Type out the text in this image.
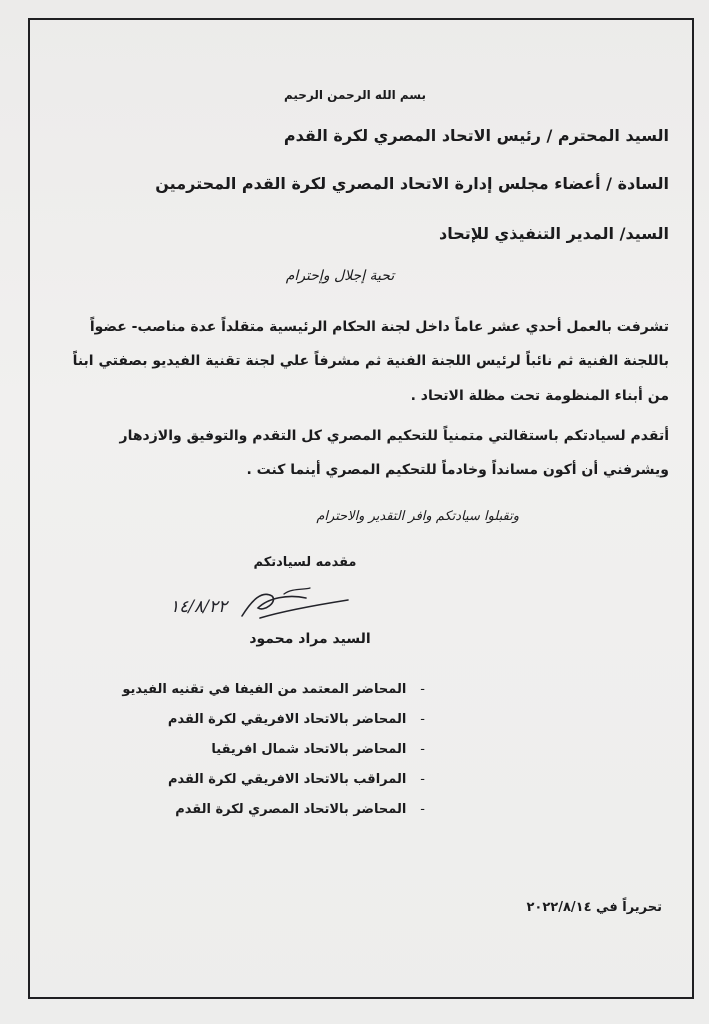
بسم الله الرحمن الرحيم
السيد المحترم / رئيس الاتحاد المصري لكرة القدم
السادة / أعضاء مجلس إدارة الاتحاد المصري لكرة القدم المحترمين
السيد/ المدير التنفيذي للإتحاد
تحية إجلال وإحترام
تشرفت بالعمل أحدي عشر عاماً داخل لجنة الحكام الرئيسية متقلداً عدة مناصب- عضواً
باللجنة الفنية ثم نائباً لرئيس اللجنة الفنية ثم مشرفاً علي لجنة تقنية الفيديو بصفتي ابناً
من أبناء المنظومة تحت مظلة الاتحاد .
أتقدم لسيادتكم باستقالتي متمنياً للتحكيم المصري كل التقدم والتوفيق والازدهار
ويشرفني أن أكون مسانداً وخادماً للتحكيم المصري أينما كنت .
وتقبلوا سيادتكم وافر التقدير والاحترام
مقدمه لسيادتكم
١٤/٨/٢٢
السيد مراد محمود
-
المحاضر المعتمد من الفيفا في تقنيه الفيديو
-
المحاضر بالاتحاد الافريقي لكرة القدم
-
المحاضر بالاتحاد شمال افريقيا
-
المراقب بالاتحاد الافريقي لكرة القدم
-
المحاضر بالاتحاد المصري لكرة القدم
تحريراً في ٢٠٢٢/٨/١٤
